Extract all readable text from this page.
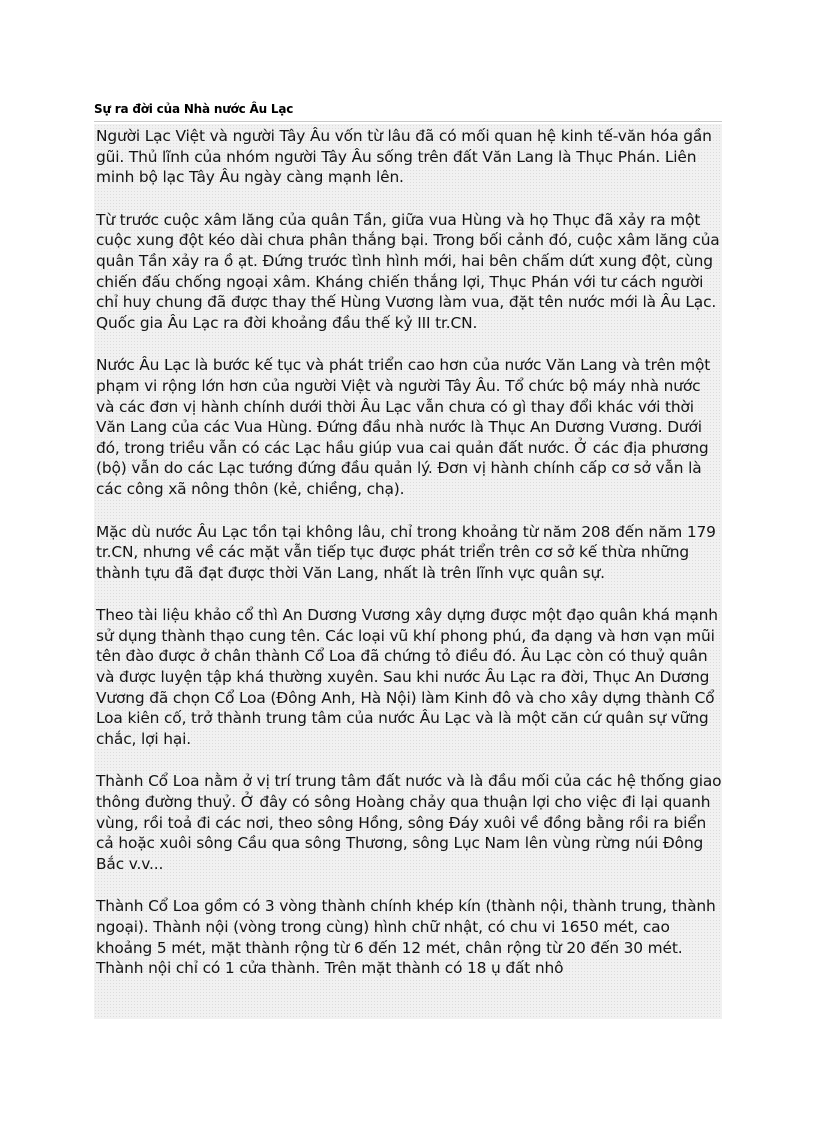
Sự ra đời của Nhà nước Âu Lạc

Người Lạc Việt và người Tây Âu vốn từ lâu đã có mối quan hệ kinh tế-văn hóa gần gũi. Thủ lĩnh của nhóm người Tây Âu sống trên đất Văn Lang là Thục Phán. Liên minh bộ lạc Tây Âu ngày càng mạnh lên.

Từ trước cuộc xâm lăng của quân Tần, giữa vua Hùng và họ Thục đã xảy ra một cuộc xung đột kéo dài chưa phân thắng bại. Trong bối cảnh đó, cuộc xâm lăng của quân Tần xảy ra ồ ạt. Đứng trước tình hình mới, hai bên chấm dứt xung đột, cùng chiến đấu chống ngoại xâm. Kháng chiến thắng lợi, Thục Phán với tư cách người chỉ huy chung đã được thay thế Hùng Vương làm vua, đặt tên nước mới là Âu Lạc. Quốc gia Âu Lạc ra đời khoảng đầu thế kỷ III tr.CN.

Nước Âu Lạc là bước kế tục và phát triển cao hơn của nước Văn Lang và trên một phạm vi rộng lớn hơn của người Việt và người Tây Âu. Tổ chức bộ máy nhà nước và các đơn vị hành chính dưới thời Âu Lạc vẫn chưa có gì thay đổi khác với thời Văn Lang của các Vua Hùng. Đứng đầu nhà nước là Thục An Dương Vương. Dưới đó, trong triều vẫn có các Lạc hầu giúp vua cai quản đất nước. Ở các địa phương (bộ) vẫn do các Lạc tướng đứng đầu quản lý. Đơn vị hành chính cấp cơ sở vẫn là các công xã nông thôn (kẻ, chiềng, chạ).

Mặc dù nước Âu Lạc tồn tại không lâu, chỉ trong khoảng từ năm 208 đến năm 179 tr.CN, nhưng về các mặt vẫn tiếp tục được phát triển trên cơ sở kế thừa những thành tựu đã đạt được thời Văn Lang, nhất là trên lĩnh vực quân sự.

Theo tài liệu khảo cổ thì An Dương Vương xây dựng được một đạo quân khá mạnh sử dụng thành thạo cung tên. Các loại vũ khí phong phú, đa dạng và hơn vạn mũi tên đào được ở chân thành Cổ Loa đã chứng tỏ điều đó. Âu Lạc còn có thuỷ quân và được luyện tập khá thường xuyên. Sau khi nước Âu Lạc ra đời, Thục An Dương Vương đã chọn Cổ Loa (Đông Anh, Hà Nội) làm Kinh đô và cho xây dựng thành Cổ Loa kiên cố, trở thành trung tâm của nước Âu Lạc và là một căn cứ quân sự vững chắc, lợi hại.

Thành Cổ Loa nằm ở vị trí trung tâm đất nước và là đầu mối của các hệ thống giao thông đường thuỷ. Ở đây có sông Hoàng chảy qua thuận lợi cho việc đi lại quanh vùng, rồi toả đi các nơi, theo sông Hồng, sông Đáy xuôi về đồng bằng rồi ra biển cả hoặc xuôi sông Cầu qua sông Thương, sông Lục Nam lên vùng rừng núi Đông Bắc v.v...

Thành Cổ Loa gồm có 3 vòng thành chính khép kín (thành nội, thành trung, thành ngoại). Thành nội (vòng trong cùng) hình chữ nhật, có chu vi 1650 mét, cao khoảng 5 mét, mặt thành rộng từ 6 đến 12 mét, chân rộng từ 20 đến 30 mét. Thành nội chỉ có 1 cửa thành. Trên mặt thành có 18 ụ đất nhô
